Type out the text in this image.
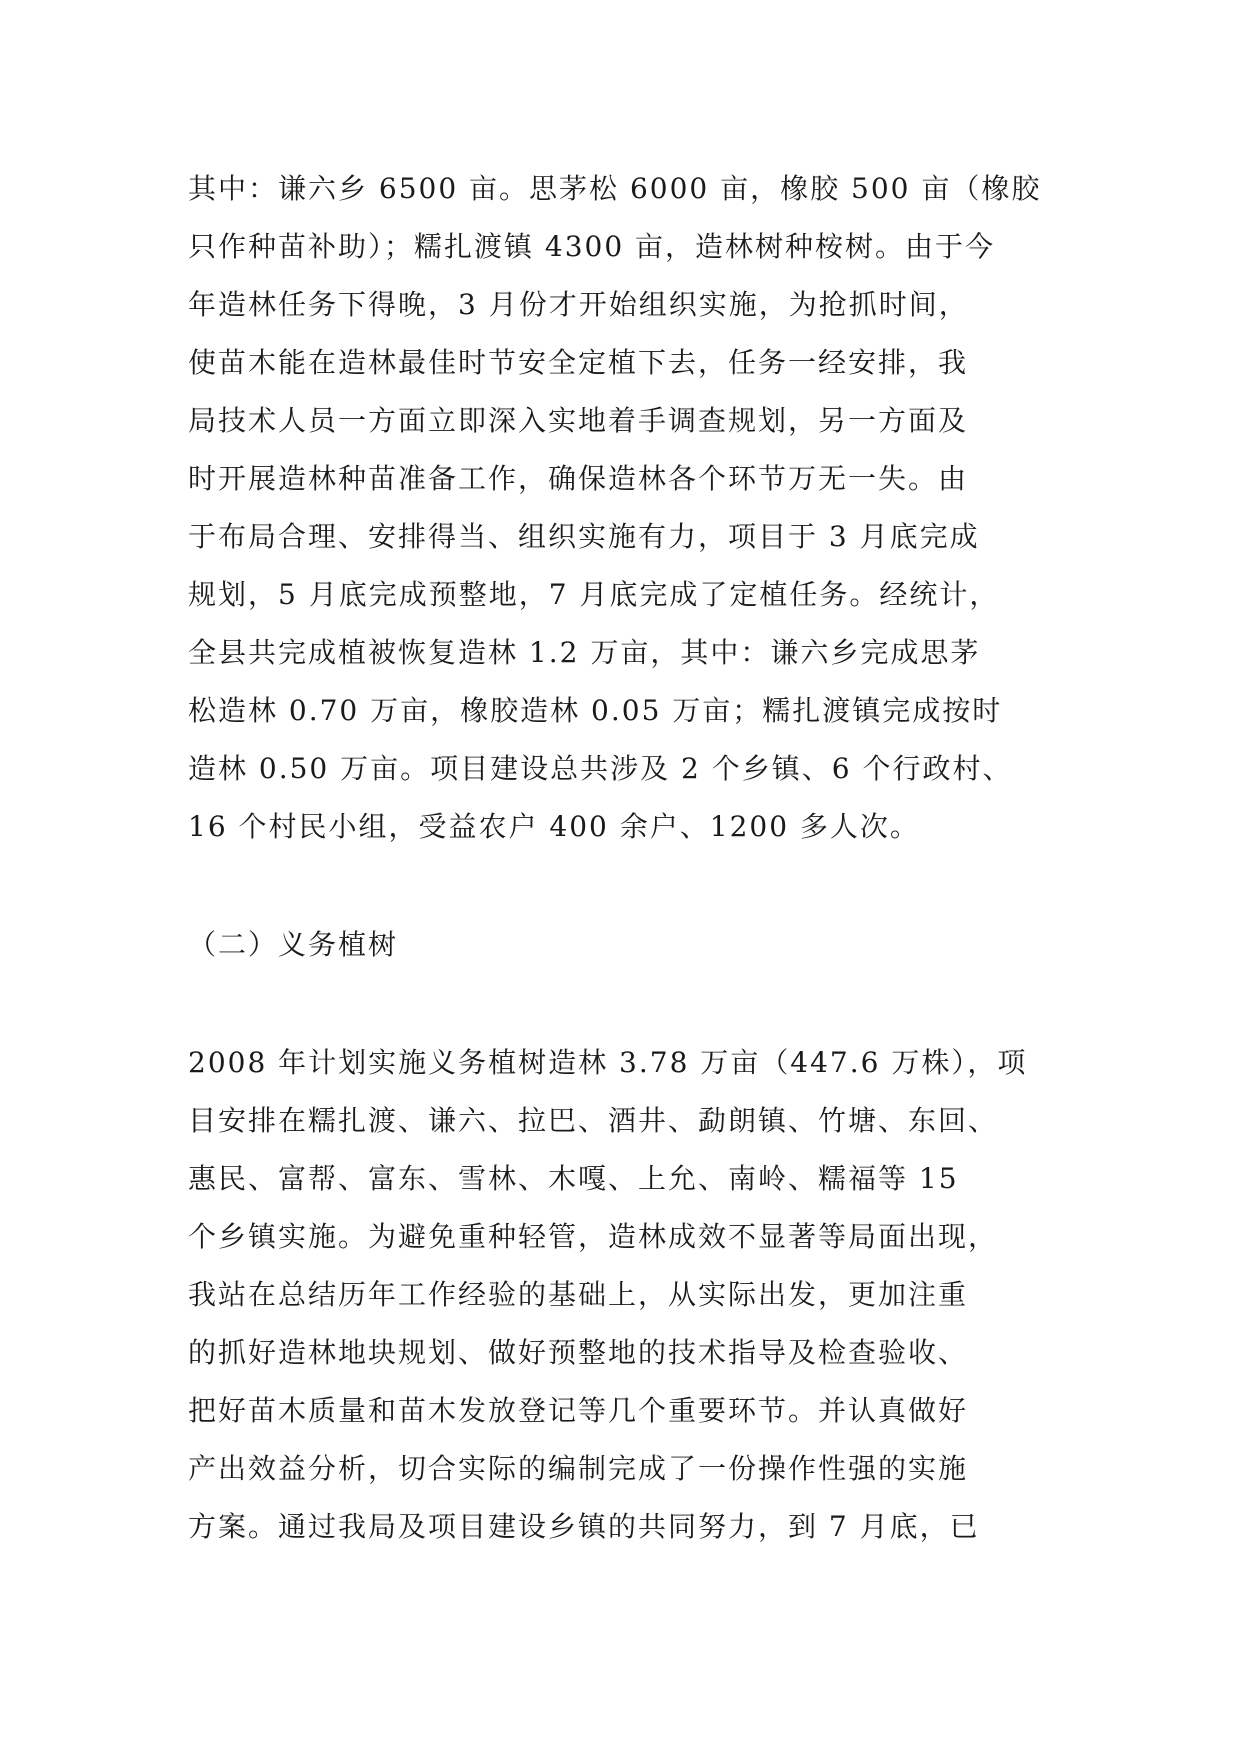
其中：谦六乡 6500 亩。思茅松 6000 亩，橡胶 500 亩（橡胶
只作种苗补助）；糯扎渡镇 4300 亩，造林树种桉树。由于今
年造林任务下得晚，3 月份才开始组织实施，为抢抓时间，
使苗木能在造林最佳时节安全定植下去，任务一经安排，我
局技术人员一方面立即深入实地着手调查规划，另一方面及
时开展造林种苗准备工作，确保造林各个环节万无一失。由
于布局合理、安排得当、组织实施有力，项目于 3 月底完成
规划，5 月底完成预整地，7 月底完成了定植任务。经统计，
全县共完成植被恢复造林 1.2 万亩，其中：谦六乡完成思茅
松造林 0.70 万亩，橡胶造林 0.05 万亩；糯扎渡镇完成按时
造林 0.50 万亩。项目建设总共涉及 2 个乡镇、6 个行政村、
16 个村民小组，受益农户 400 余户、1200 多人次。
（二）义务植树
2008 年计划实施义务植树造林 3.78 万亩（447.6 万株），项
目安排在糯扎渡、谦六、拉巴、酒井、勐朗镇、竹塘、东回、
惠民、富帮、富东、雪林、木嘎、上允、南岭、糯福等 15
个乡镇实施。为避免重种轻管，造林成效不显著等局面出现，
我站在总结历年工作经验的基础上，从实际出发，更加注重
的抓好造林地块规划、做好预整地的技术指导及检查验收、
把好苗木质量和苗木发放登记等几个重要环节。并认真做好
产出效益分析，切合实际的编制完成了一份操作性强的实施
方案。通过我局及项目建设乡镇的共同努力，到 7 月底，已
